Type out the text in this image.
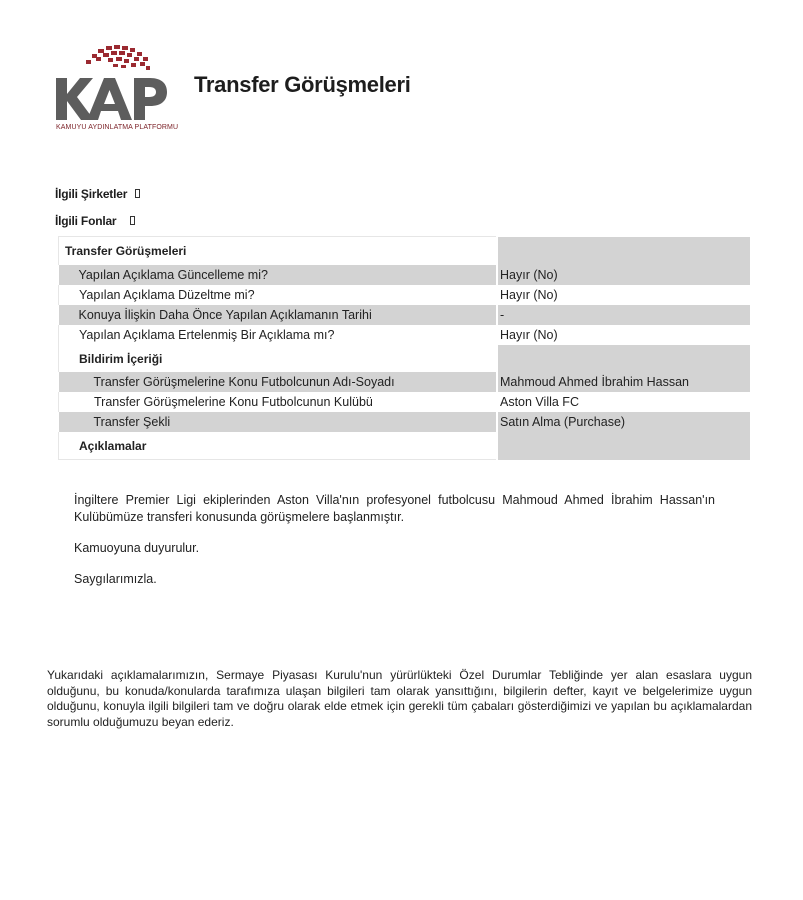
KAMUYU AYDINLATMA PLATFORMU
Transfer Görüşmeleri
İlgili Şirketler
İlgili Fonlar
Transfer Görüşmeleri	
Yapılan Açıklama Güncelleme mi?	Hayır (No)
Yapılan Açıklama Düzeltme mi?	Hayır (No)
Konuya İlişkin Daha Önce Yapılan Açıklamanın Tarihi	-
Yapılan Açıklama Ertelenmiş Bir Açıklama mı?	Hayır (No)
Bildirim İçeriği	
Transfer Görüşmelerine Konu Futbolcunun Adı-Soyadı	Mahmoud Ahmed İbrahim Hassan
Transfer Görüşmelerine Konu Futbolcunun Kulübü	Aston Villa FC
Transfer Şekli	Satın Alma (Purchase)
Açıklamalar	

İngiltere Premier Ligi ekiplerinden Aston Villa'nın profesyonel futbolcusu Mahmoud Ahmed İbrahim Hassan'ın Kulübümüze transferi konusunda görüşmelere başlanmıştır.

Kamuoyuna duyurulur.

Saygılarımızla.

Yukarıdaki açıklamalarımızın, Sermaye Piyasası Kurulu'nun yürürlükteki Özel Durumlar Tebliğinde yer alan esaslara uygun olduğunu, bu konuda/konularda tarafımıza ulaşan bilgileri tam olarak yansıttığını, bilgilerin defter, kayıt ve belgelerimize uygun olduğunu, konuyla ilgili bilgileri tam ve doğru olarak elde etmek için gerekli tüm çabaları gösterdiğimizi ve yapılan bu açıklamalardan sorumlu olduğumuzu beyan ederiz.
